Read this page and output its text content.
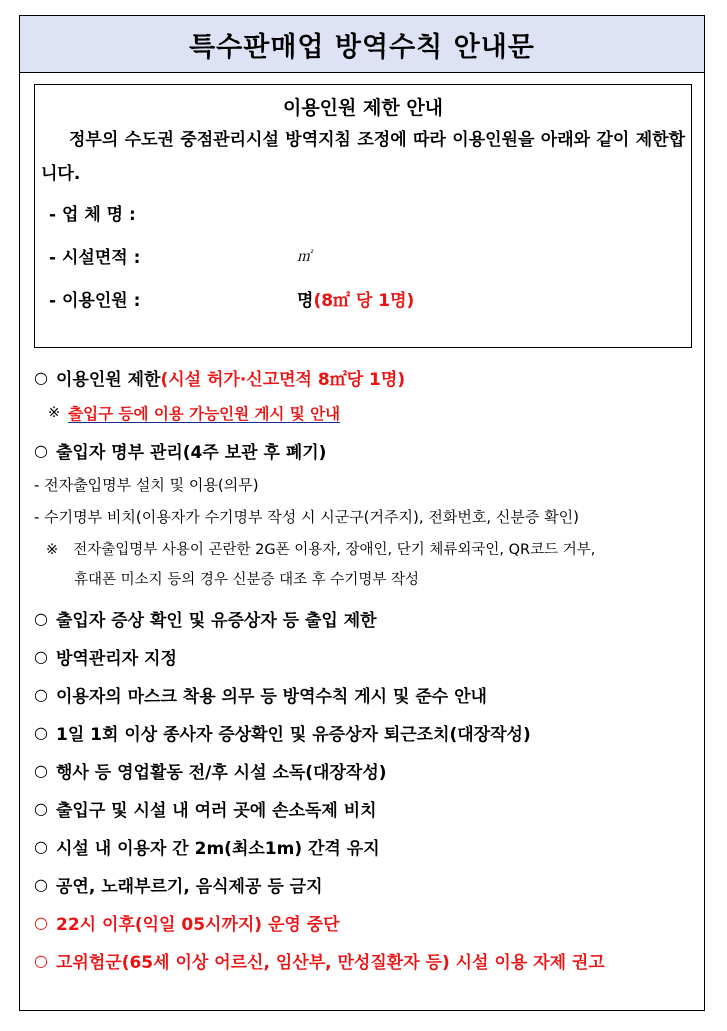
특수판매업 방역수칙 안내문
이용인원 제한 안내
정부의 수도권 중점관리시설 방역지침 조정에 따라 이용인원을 아래와 같이 제한합니다.
- 업 체 명 :
- 시설면적 :	㎡
- 이용인원 :	명 (8㎡ 당 1명)
○ 이용인원 제한 (시설 허가·신고면적 8㎡당 1명)
※ 출입구 등에 이용 가능인원 게시 및 안내
○ 출입자 명부 관리(4주 보관 후 폐기)
- 전자출입명부 설치 및 이용(의무)
- 수기명부 비치(이용자가 수기명부 작성 시 시군구(거주지), 전화번호, 신분증 확인)
※ 전자출입명부 사용이 곤란한 2G폰 이용자, 장애인, 단기 체류외국인, QR코드 거부,
휴대폰 미소지 등의 경우 신분증 대조 후 수기명부 작성
○ 출입자 증상 확인 및 유증상자 등 출입 제한
○ 방역관리자 지정
○ 이용자의 마스크 착용 의무 등 방역수칙 게시 및 준수 안내
○ 1일 1회 이상 종사자 증상확인 및 유증상자 퇴근조치(대장작성)
○ 행사 등 영업활동 전/후 시설 소독(대장작성)
○ 출입구 및 시설 내 여러 곳에 손소독제 비치
○ 시설 내 이용자 간 2m(최소1m) 간격 유지
○ 공연, 노래부르기, 음식제공 등 금지
○ 22시 이후(익일 05시까지) 운영 중단
○ 고위험군(65세 이상 어르신, 임산부, 만성질환자 등) 시설 이용 자제 권고
